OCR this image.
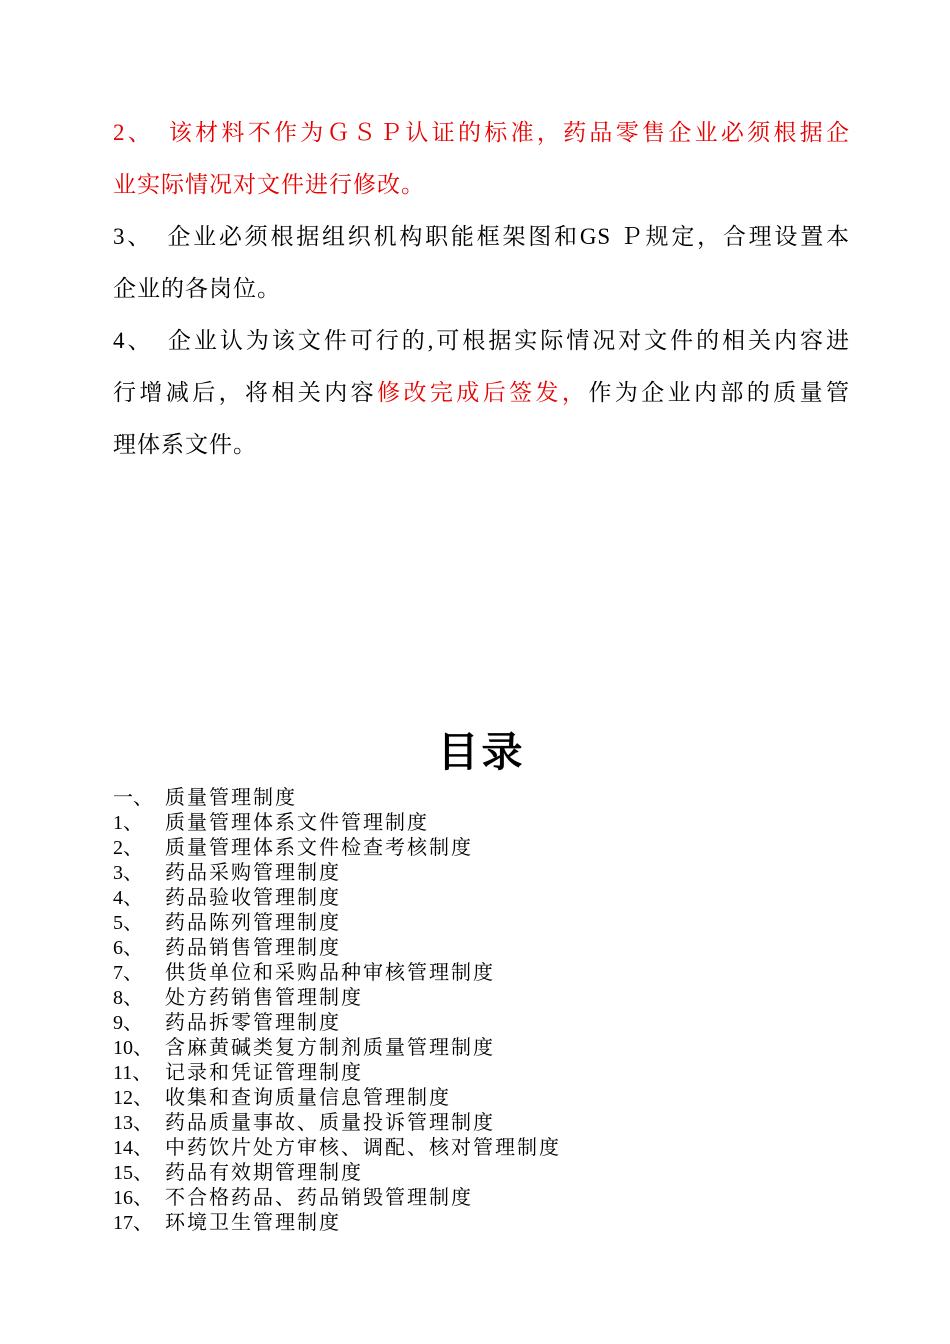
2、　该材料不作为ＧＳＰ认证的标准，药品零售企业必须根据企
业实际情况对文件进行修改。
3、　企业必须根据组织机构职能框架图和GS Ｐ规定，合理设置本
企业的各岗位。
4、　企业认为该文件可行的,可根据实际情况对文件的相关内容进
行增减后，将相关内容修改完成后签发，作为企业内部的质量管
理体系文件。
目录
一、 质量管理制度
1、 质量管理体系文件管理制度
2、 质量管理体系文件检查考核制度
3、 药品采购管理制度
4、 药品验收管理制度
5、 药品陈列管理制度
6、 药品销售管理制度
7、 供货单位和采购品种审核管理制度
8、 处方药销售管理制度
9、 药品拆零管理制度
10、 含麻黄碱类复方制剂质量管理制度
11、 记录和凭证管理制度
12、 收集和查询质量信息管理制度
13、 药品质量事故、质量投诉管理制度
14、 中药饮片处方审核、调配、核对管理制度
15、 药品有效期管理制度
16、 不合格药品、药品销毁管理制度
17、 环境卫生管理制度
